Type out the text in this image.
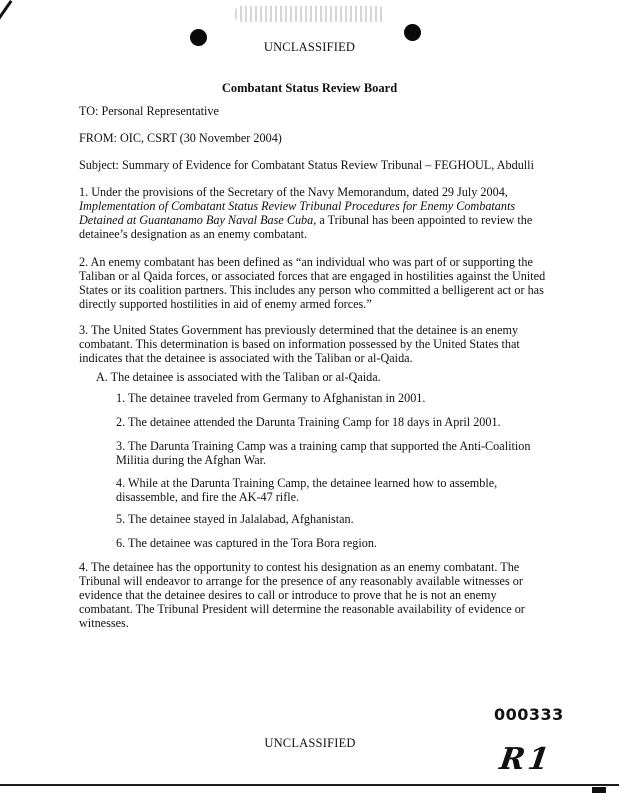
UNCLASSIFIED
Combatant Status Review Board
TO: Personal Representative
FROM: OIC, CSRT (30 November 2004)
Subject: Summary of Evidence for Combatant Status Review Tribunal – FEGHOUL, Abdulli
1. Under the provisions of the Secretary of the Navy Memorandum, dated 29 July 2004, Implementation of Combatant Status Review Tribunal Procedures for Enemy Combatants Detained at Guantanamo Bay Naval Base Cuba, a Tribunal has been appointed to review the detainee’s designation as an enemy combatant.
2. An enemy combatant has been defined as “an individual who was part of or supporting the Taliban or al Qaida forces, or associated forces that are engaged in hostilities against the United States or its coalition partners. This includes any person who committed a belligerent act or has directly supported hostilities in aid of enemy armed forces.”
3. The United States Government has previously determined that the detainee is an enemy combatant. This determination is based on information possessed by the United States that indicates that the detainee is associated with the Taliban or al-Qaida.
A. The detainee is associated with the Taliban or al-Qaida.
1. The detainee traveled from Germany to Afghanistan in 2001.
2. The detainee attended the Darunta Training Camp for 18 days in April 2001.
3. The Darunta Training Camp was a training camp that supported the Anti-Coalition Militia during the Afghan War.
4. While at the Darunta Training Camp, the detainee learned how to assemble, disassemble, and fire the AK-47 rifle.
5. The detainee stayed in Jalalabad, Afghanistan.
6. The detainee was captured in the Tora Bora region.
4. The detainee has the opportunity to contest his designation as an enemy combatant. The Tribunal will endeavor to arrange for the presence of any reasonably available witnesses or evidence that the detainee desires to call or introduce to prove that he is not an enemy combatant. The Tribunal President will determine the reasonable availability of evidence or witnesses.
000333
UNCLASSIFIED	R1
